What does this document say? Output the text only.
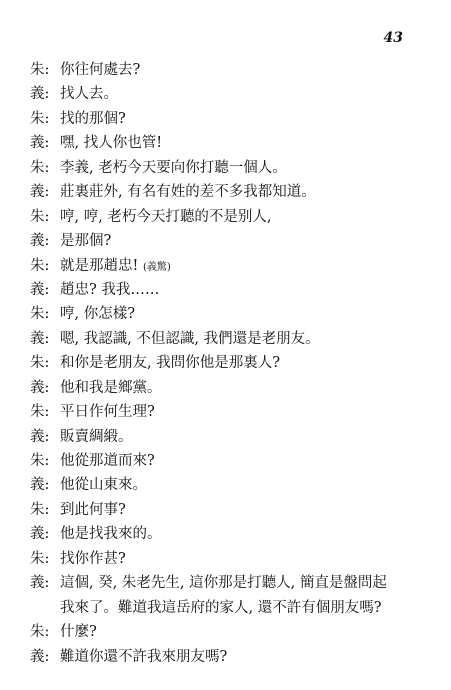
43
朱: 你往何處去?
義: 找人去。
朱: 找的那個?
義: 嘿, 找人你也管!
朱: 李義, 老朽今天要向你打聽一個人。
義: 莊裏莊外, 有名有姓的差不多我都知道。
朱: 哼, 哼, 老朽今天打聽的不是别人,
義: 是那個?
朱: 就是那趙忠! (義驚)
義: 趙忠? 我我……
朱: 哼, 你怎樣?
義: 嗯, 我認識, 不但認識, 我們還是老朋友。
朱: 和你是老朋友, 我問你他是那裏人?
義: 他和我是鄉黨。
朱: 平日作何生理?
義: 販賣綢緞。
朱: 他從那道而來?
義: 他從山東來。
朱: 到此何事?
義: 他是找我來的。
朱: 找你作甚?
義: 這個, 癸, 朱老先生, 這你那是打聽人, 簡直是盤問起
我來了。難道我這岳府的家人, 還不許有個朋友嗎?
朱: 什麼?
義: 難道你還不許我來朋友嗎?
